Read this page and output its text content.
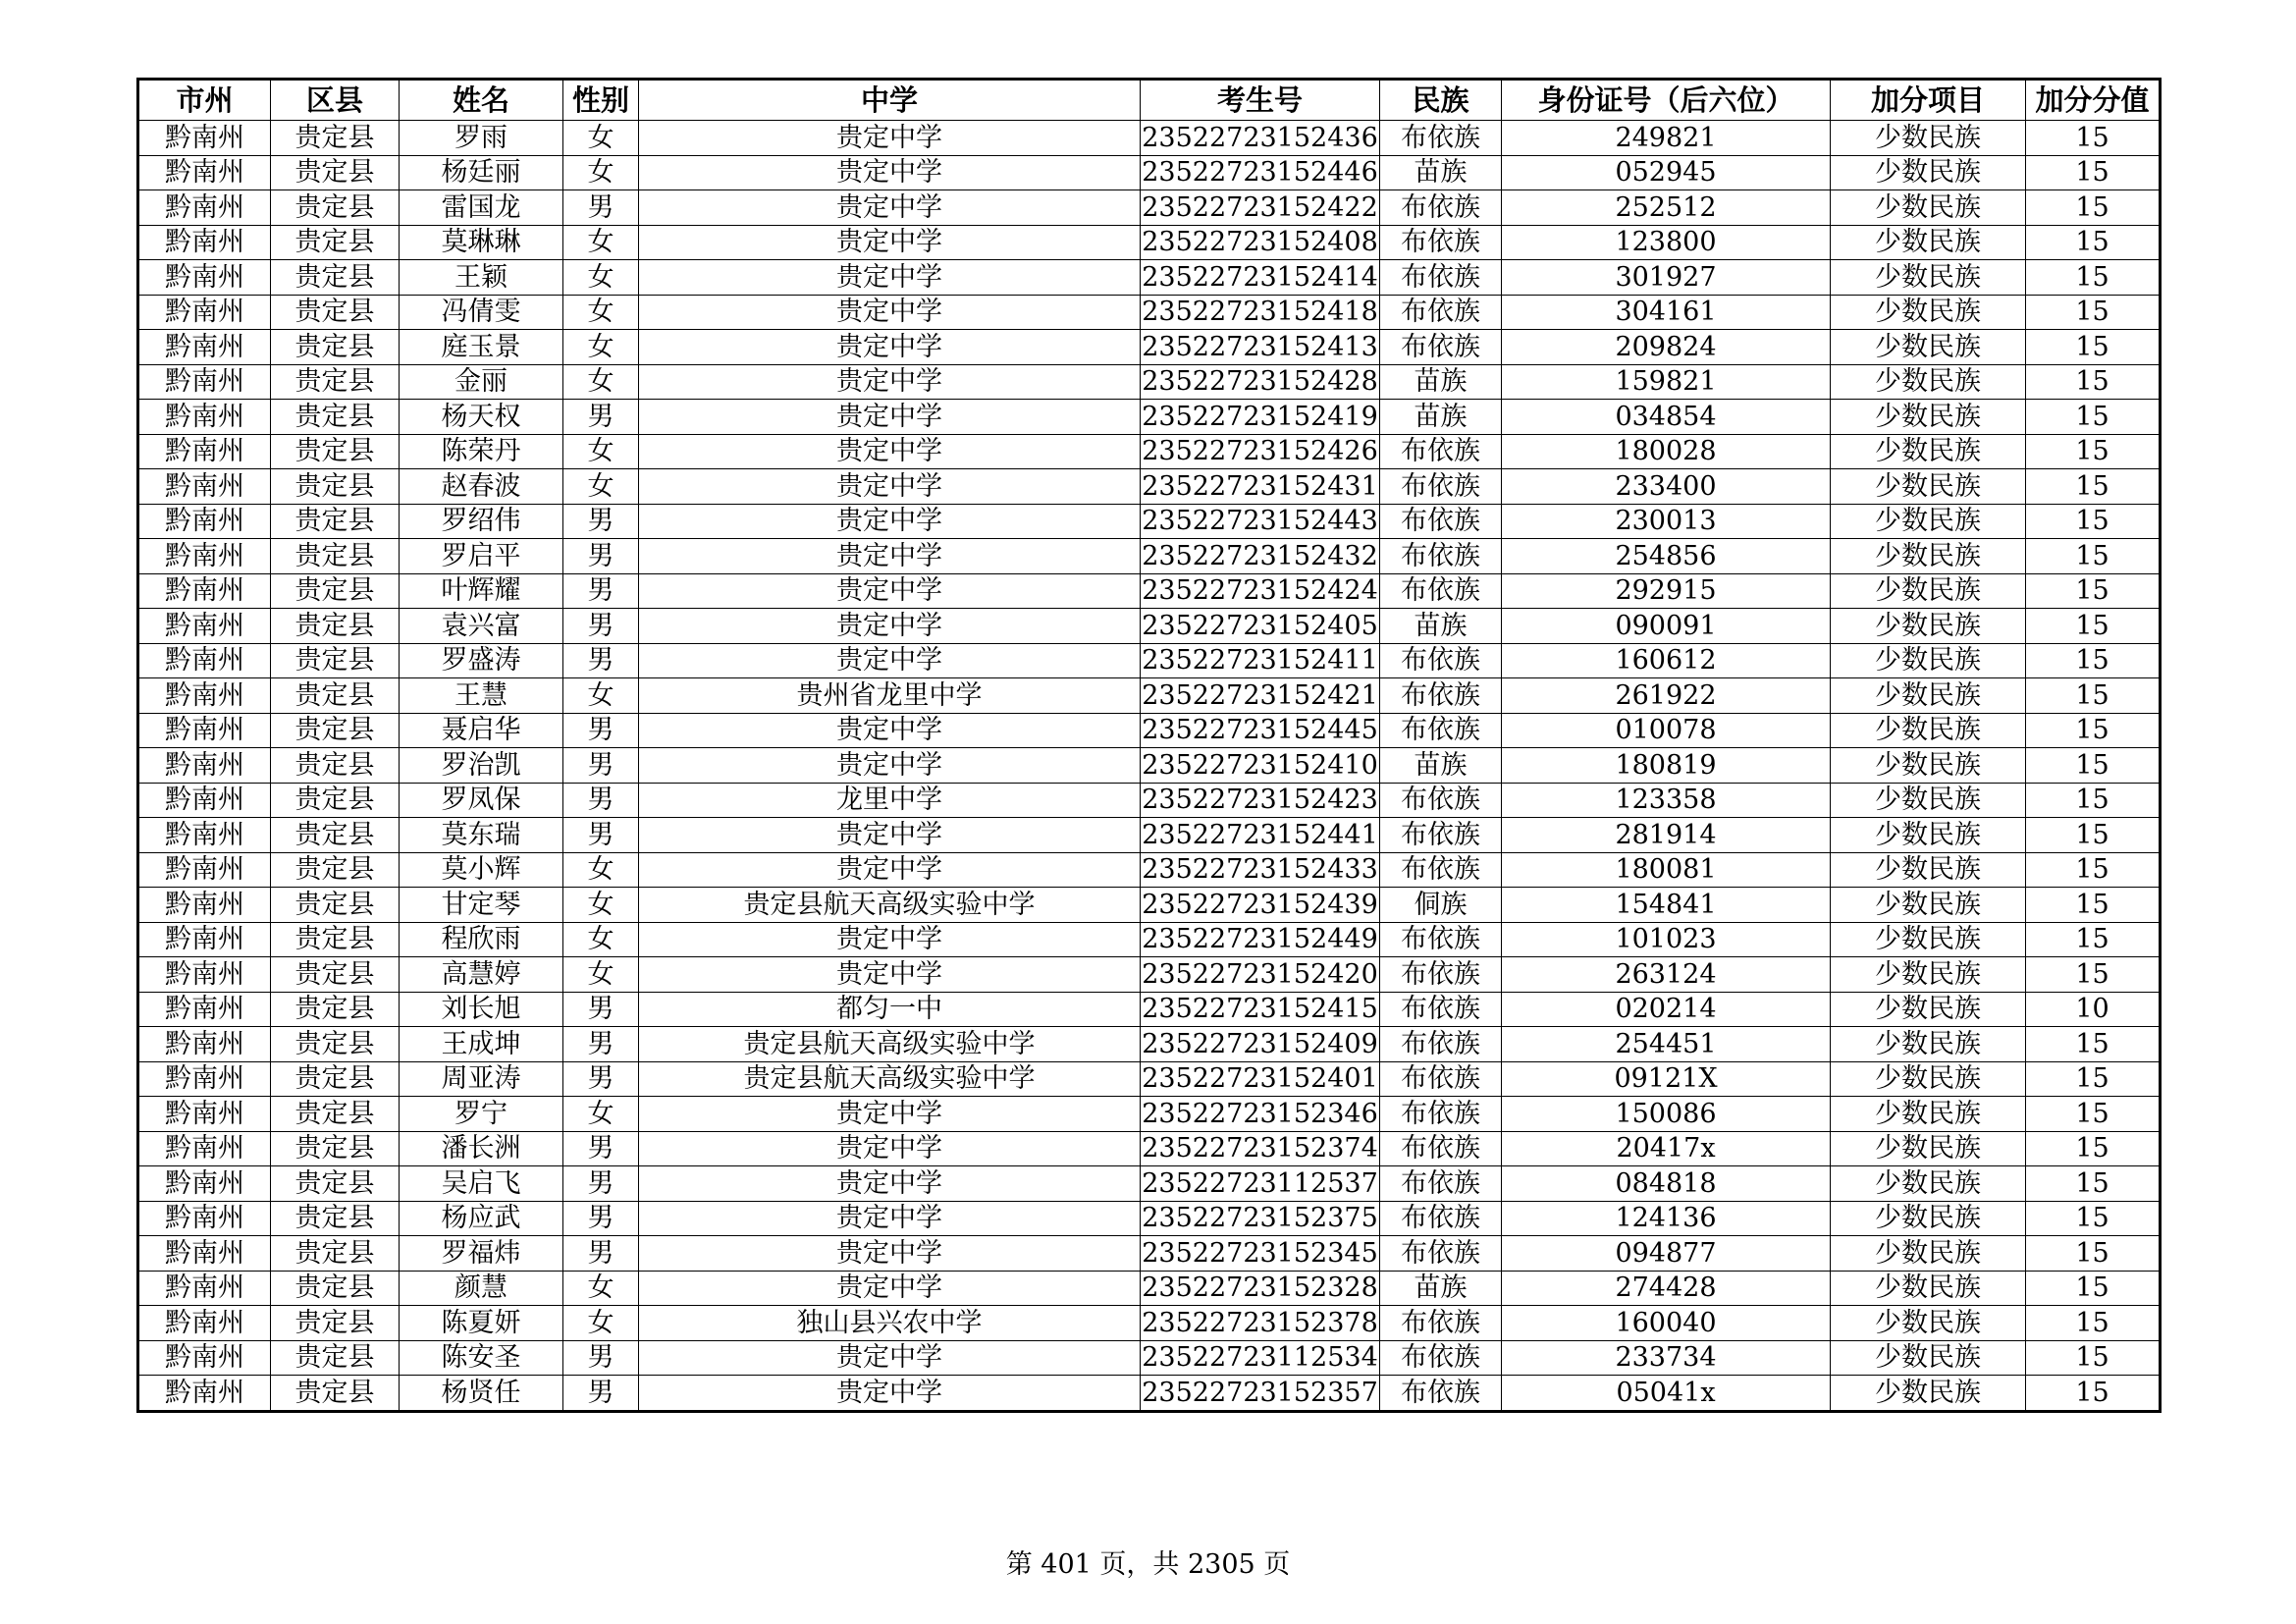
市州	区县	姓名	性别	中学	考生号	民族	身份证号（后六位）	加分项目	加分分值
黔南州	贵定县	罗雨	女	贵定中学	23522723152436	布依族	249821	少数民族	15
黔南州	贵定县	杨廷丽	女	贵定中学	23522723152446	苗族	052945	少数民族	15
黔南州	贵定县	雷国龙	男	贵定中学	23522723152422	布依族	252512	少数民族	15
黔南州	贵定县	莫琳琳	女	贵定中学	23522723152408	布依族	123800	少数民族	15
黔南州	贵定县	王颖	女	贵定中学	23522723152414	布依族	301927	少数民族	15
黔南州	贵定县	冯倩雯	女	贵定中学	23522723152418	布依族	304161	少数民族	15
黔南州	贵定县	庭玉景	女	贵定中学	23522723152413	布依族	209824	少数民族	15
黔南州	贵定县	金丽	女	贵定中学	23522723152428	苗族	159821	少数民族	15
黔南州	贵定县	杨天权	男	贵定中学	23522723152419	苗族	034854	少数民族	15
黔南州	贵定县	陈荣丹	女	贵定中学	23522723152426	布依族	180028	少数民族	15
黔南州	贵定县	赵春波	女	贵定中学	23522723152431	布依族	233400	少数民族	15
黔南州	贵定县	罗绍伟	男	贵定中学	23522723152443	布依族	230013	少数民族	15
黔南州	贵定县	罗启平	男	贵定中学	23522723152432	布依族	254856	少数民族	15
黔南州	贵定县	叶辉耀	男	贵定中学	23522723152424	布依族	292915	少数民族	15
黔南州	贵定县	袁兴富	男	贵定中学	23522723152405	苗族	090091	少数民族	15
黔南州	贵定县	罗盛涛	男	贵定中学	23522723152411	布依族	160612	少数民族	15
黔南州	贵定县	王慧	女	贵州省龙里中学	23522723152421	布依族	261922	少数民族	15
黔南州	贵定县	聂启华	男	贵定中学	23522723152445	布依族	010078	少数民族	15
黔南州	贵定县	罗治凯	男	贵定中学	23522723152410	苗族	180819	少数民族	15
黔南州	贵定县	罗凤保	男	龙里中学	23522723152423	布依族	123358	少数民族	15
黔南州	贵定县	莫东瑞	男	贵定中学	23522723152441	布依族	281914	少数民族	15
黔南州	贵定县	莫小辉	女	贵定中学	23522723152433	布依族	180081	少数民族	15
黔南州	贵定县	甘定琴	女	贵定县航天高级实验中学	23522723152439	侗族	154841	少数民族	15
黔南州	贵定县	程欣雨	女	贵定中学	23522723152449	布依族	101023	少数民族	15
黔南州	贵定县	高慧婷	女	贵定中学	23522723152420	布依族	263124	少数民族	15
黔南州	贵定县	刘长旭	男	都匀一中	23522723152415	布依族	020214	少数民族	10
黔南州	贵定县	王成坤	男	贵定县航天高级实验中学	23522723152409	布依族	254451	少数民族	15
黔南州	贵定县	周亚涛	男	贵定县航天高级实验中学	23522723152401	布依族	09121X	少数民族	15
黔南州	贵定县	罗宁	女	贵定中学	23522723152346	布依族	150086	少数民族	15
黔南州	贵定县	潘长洲	男	贵定中学	23522723152374	布依族	20417x	少数民族	15
黔南州	贵定县	吴启飞	男	贵定中学	23522723112537	布依族	084818	少数民族	15
黔南州	贵定县	杨应武	男	贵定中学	23522723152375	布依族	124136	少数民族	15
黔南州	贵定县	罗福炜	男	贵定中学	23522723152345	布依族	094877	少数民族	15
黔南州	贵定县	颜慧	女	贵定中学	23522723152328	苗族	274428	少数民族	15
黔南州	贵定县	陈夏妍	女	独山县兴农中学	23522723152378	布依族	160040	少数民族	15
黔南州	贵定县	陈安圣	男	贵定中学	23522723112534	布依族	233734	少数民族	15
黔南州	贵定县	杨贤任	男	贵定中学	23522723152357	布依族	05041x	少数民族	15
第 401 页，共 2305 页
